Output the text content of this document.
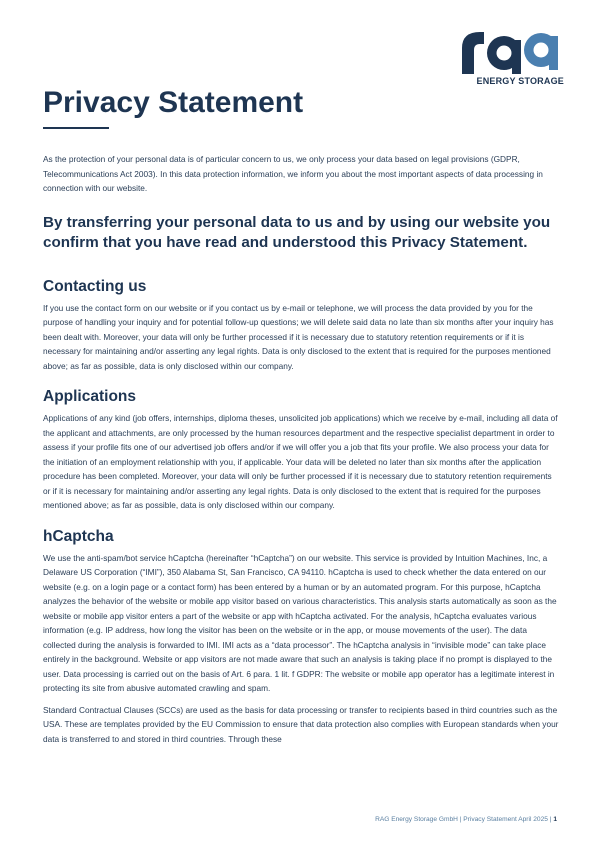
ENERGY STORAGE
Privacy Statement

As the protection of your personal data is of particular concern to us, we only process your data based on legal provisions (GDPR, Telecommunications Act 2003). In this data protection information, we inform you about the most important aspects of data processing in connection with our website.

By transferring your personal data to us and by using our website you confirm that you have read and understood this Privacy Statement.
Contacting us

If you use the contact form on our website or if you contact us by e-mail or telephone, we will process the data provided by you for the purpose of handling your inquiry and for potential follow-up questions; we will delete said data no late than six months after your inquiry has been dealt with. Moreover, your data will only be further processed if it is necessary due to statutory retention requirements or if it is necessary for maintaining and/or asserting any legal rights. Data is only disclosed to the extent that is required for the purposes mentioned above; as far as possible, data is only disclosed within our company.

Applications

Applications of any kind (job offers, internships, diploma theses, unsolicited job applications) which we receive by e-mail, including all data of the applicant and attachments, are only processed by the human resources department and the respective specialist department in order to assess if your profile fits one of our advertised job offers and/or if we will offer you a job that fits your profile. We also process your data for the initiation of an employment relationship with you, if applicable. Your data will be deleted no later than six months after the application procedure has been completed. Moreover, your data will only be further processed if it is necessary due to statutory retention requirements or if it is necessary for maintaining and/or asserting any legal rights. Data is only disclosed to the extent that is required for the purposes mentioned above; as far as possible, data is only disclosed within our company.

hCaptcha

We use the anti-spam/bot service hCaptcha (hereinafter “hCaptcha”) on our website. This service is provided by Intuition Machines, Inc, a Delaware US Corporation (“IMI”), 350 Alabama St, San Francisco, CA 94110. hCaptcha is used to check whether the data entered on our website (e.g. on a login page or a contact form) has been entered by a human or by an automated program. For this purpose, hCaptcha analyzes the behavior of the website or mobile app visitor based on various characteristics. This analysis starts automatically as soon as the website or mobile app visitor enters a part of the website or app with hCaptcha activated. For the analysis, hCaptcha evaluates various information (e.g. IP address, how long the visitor has been on the website or in the app, or mouse movements of the user). The data collected during the analysis is forwarded to IMI. IMI acts as a “data processor”. The hCaptcha analysis in “invisible mode” can take place entirely in the background. Website or app visitors are not made aware that such an analysis is taking place if no prompt is displayed to the user. Data processing is carried out on the basis of Art. 6 para. 1 lit. f GDPR: The website or mobile app operator has a legitimate interest in protecting its site from abusive automated crawling and spam.

Standard Contractual Clauses (SCCs) are used as the basis for data processing or transfer to recipients based in third countries such as the USA. These are templates provided by the EU Commission to ensure that data protection also complies with European standards when your data is transferred to and stored in third countries. Through these

RAG Energy Storage GmbH | Privacy Statement April 2025 | 1
